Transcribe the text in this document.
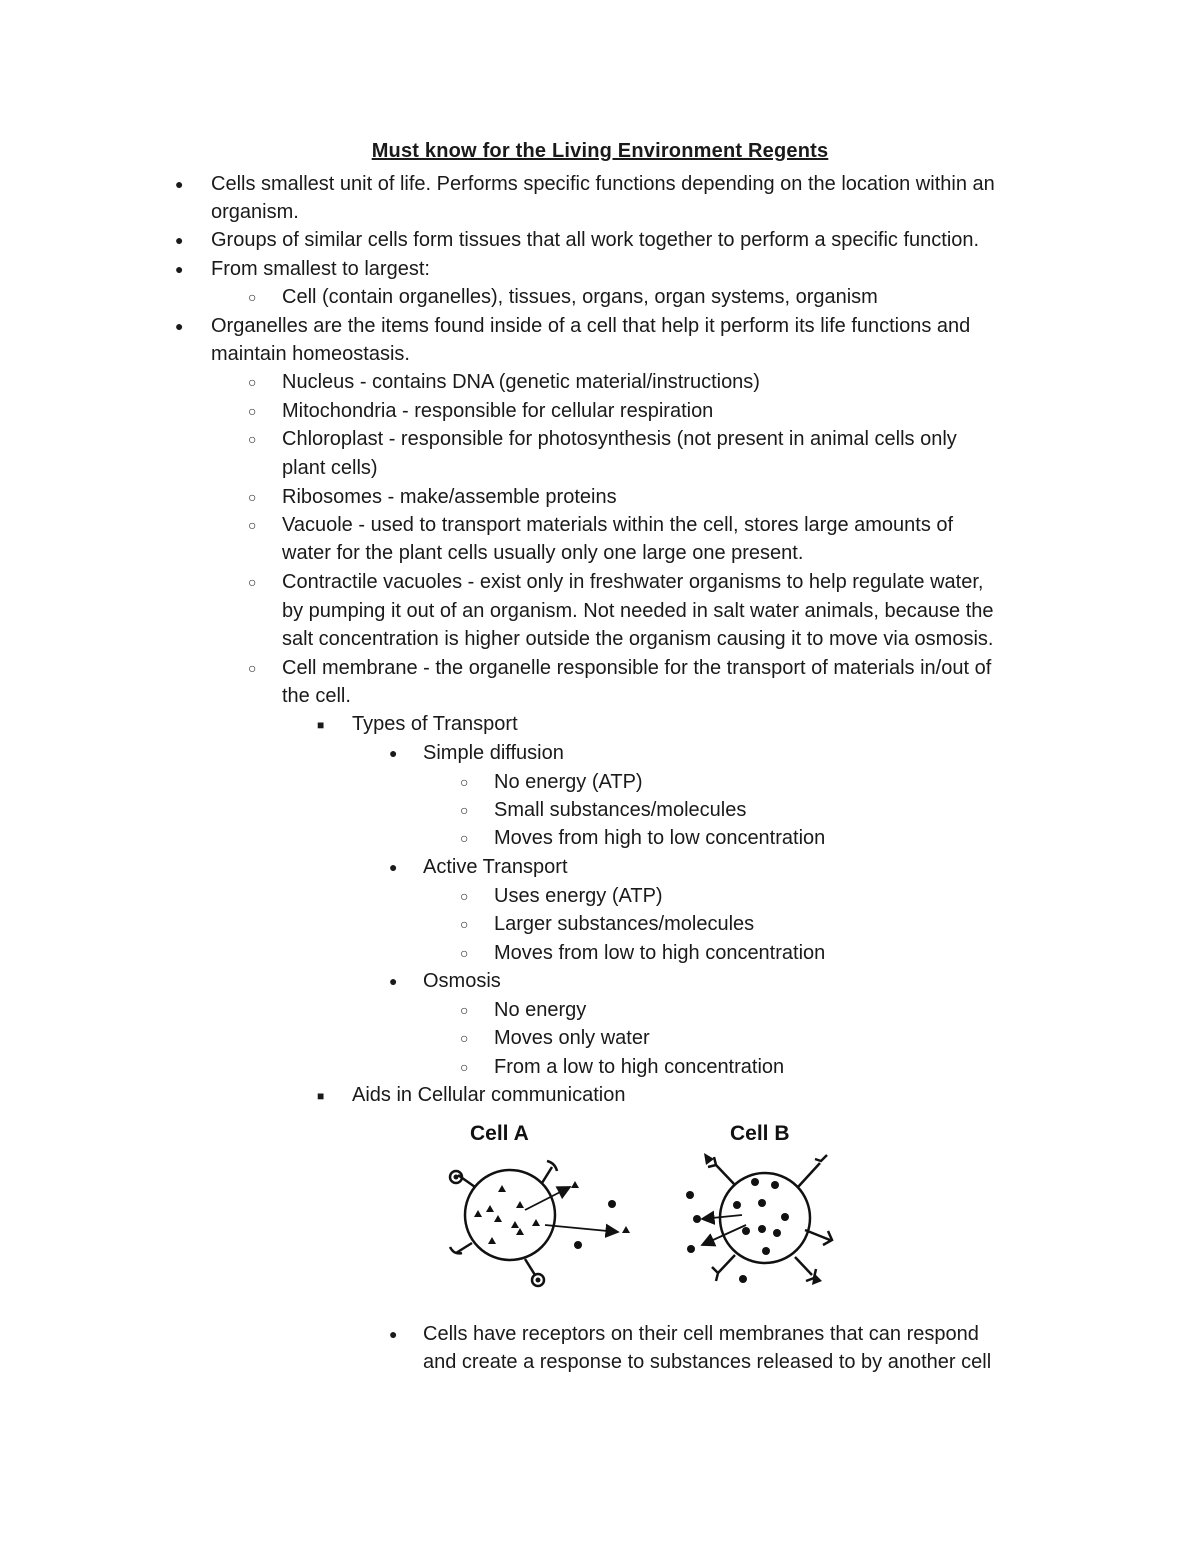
Must know for the Living Environment Regents
●
Cells smallest unit of life. Performs specific functions depending on the location within an
organism.
●
Groups of similar cells form tissues that all work together to perform a specific function.
●
From smallest to largest:
○
Cell (contain organelles), tissues, organs, organ systems, organism
●
Organelles are the items found inside of a cell that help it perform its life functions and
maintain homeostasis.
○
Nucleus - contains DNA (genetic material/instructions)
○
Mitochondria - responsible for cellular respiration
○
Chloroplast - responsible for photosynthesis (not present in animal cells only
plant cells)
○
Ribosomes - make/assemble proteins
○
Vacuole - used to transport materials within the cell, stores large amounts of
water for the plant cells usually only one large one present.
○
Contractile vacuoles - exist only in freshwater organisms to help regulate water,
by pumping it out of an organism. Not needed in salt water animals, because the
salt concentration is higher outside the organism causing it to move via osmosis.
○
Cell membrane - the organelle responsible for the transport of materials in/out of
the cell.
■
Types of Transport
●
Simple diffusion
○
No energy (ATP)
○
Small substances/molecules
○
Moves from high to low concentration
●
Active Transport
○
Uses energy (ATP)
○
Larger substances/molecules
○
Moves from low to high concentration
●
Osmosis
○
No energy
○
Moves only water
○
From a low to high concentration
■
Aids in Cellular communication
Cell A	Cell B
●
Cells have receptors on their cell membranes that can respond
and create a response to substances released to by another cell
